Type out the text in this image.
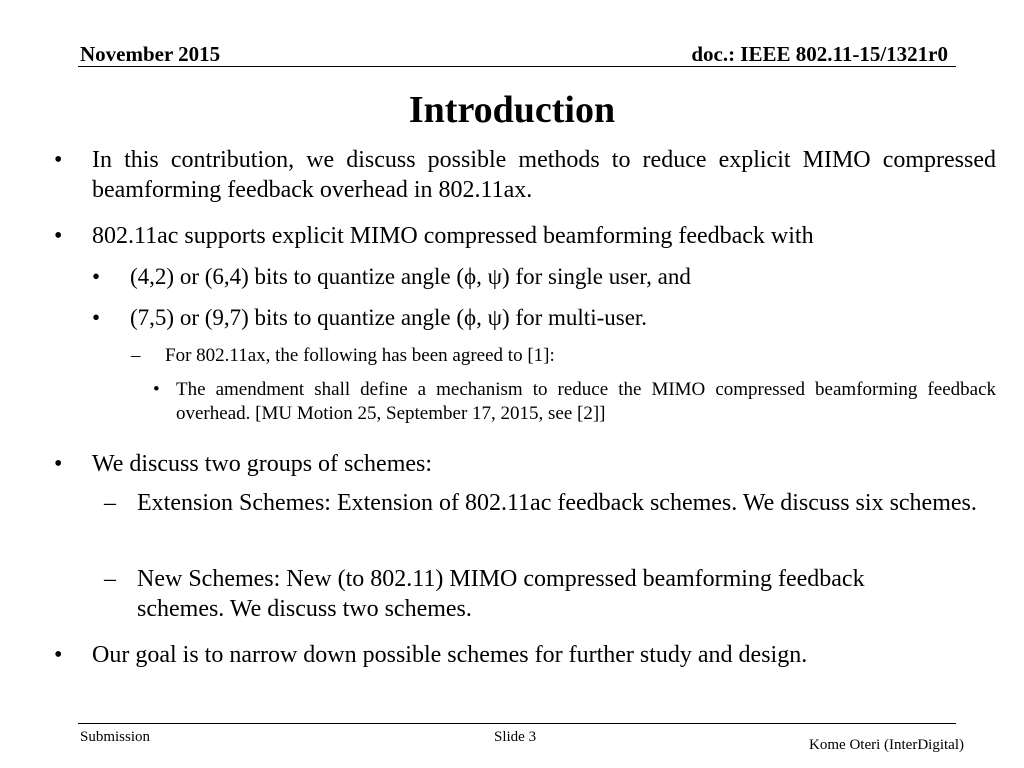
November 2015	doc.: IEEE 802.11-15/1321r0
Introduction
• In this contribution, we discuss possible methods to reduce explicit MIMO compressed beamforming feedback overhead in 802.11ax.
• 802.11ac supports explicit MIMO compressed beamforming feedback with
• (4,2) or (6,4) bits to quantize angle (ϕ, ψ) for single user, and
• (7,5) or (9,7) bits to quantize angle (ϕ, ψ) for multi-user.
– For 802.11ax, the following has been agreed to [1]:
• The amendment shall define a mechanism to reduce the MIMO compressed beamforming feedback overhead. [MU Motion 25, September 17, 2015, see [2]]
• We discuss two groups of schemes:
– Extension Schemes: Extension of 802.11ac feedback schemes. We discuss six schemes.
– New Schemes: New (to 802.11) MIMO compressed beamforming feedback schemes. We discuss two schemes.
• Our goal is to narrow down possible schemes for further study and design.
Submission	Slide 3	Kome Oteri (InterDigital)
